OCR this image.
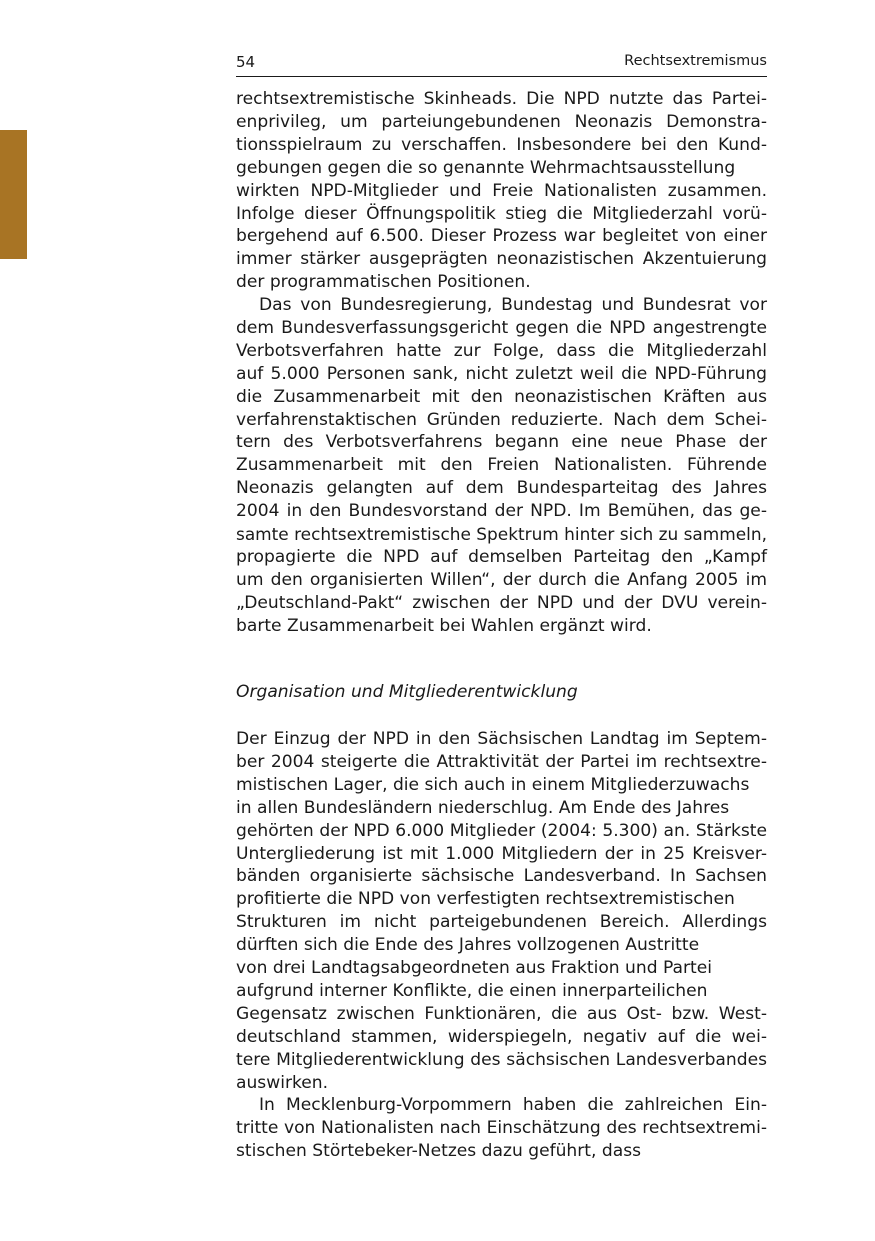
54	Rechtsextremismus
rechtsextremistische Skinheads. Die NPD nutzte das Partei-
enprivileg, um parteiungebundenen Neonazis Demonstra-
tionsspielraum zu verschaffen. Insbesondere bei den Kund-
gebungen gegen die so genannte Wehrmachtsausstellung
wirkten NPD-Mitglieder und Freie Nationalisten zusammen.
Infolge dieser Öffnungspolitik stieg die Mitgliederzahl vorü-
bergehend auf 6.500. Dieser Prozess war begleitet von einer
immer stärker ausgeprägten neonazistischen Akzentuierung
der programmatischen Positionen.
Das von Bundesregierung, Bundestag und Bundesrat vor
dem Bundesverfassungsgericht gegen die NPD angestrengte
Verbotsverfahren hatte zur Folge, dass die Mitgliederzahl
auf 5.000 Personen sank, nicht zuletzt weil die NPD-Führung
die Zusammenarbeit mit den neonazistischen Kräften aus
verfahrenstaktischen Gründen reduzierte. Nach dem Schei-
tern des Verbotsverfahrens begann eine neue Phase der
Zusammenarbeit mit den Freien Nationalisten. Führende
Neonazis gelangten auf dem Bundesparteitag des Jahres
2004 in den Bundesvorstand der NPD. Im Bemühen, das ge-
samte rechtsextremistische Spektrum hinter sich zu sammeln,
propagierte die NPD auf demselben Parteitag den „Kampf
um den organisierten Willen“, der durch die Anfang 2005 im
„Deutschland-Pakt“ zwischen der NPD und der DVU verein-
barte Zusammenarbeit bei Wahlen ergänzt wird.
Organisation und Mitgliederentwicklung
Der Einzug der NPD in den Sächsischen Landtag im Septem-
ber 2004 steigerte die Attraktivität der Partei im rechtsextre-
mistischen Lager, die sich auch in einem Mitgliederzuwachs
in allen Bundesländern niederschlug. Am Ende des Jahres
gehörten der NPD 6.000 Mitglieder (2004: 5.300) an. Stärkste
Untergliederung ist mit 1.000 Mitgliedern der in 25 Kreisver-
bänden organisierte sächsische Landesverband. In Sachsen
profitierte die NPD von verfestigten rechtsextremistischen
Strukturen im nicht parteigebundenen Bereich. Allerdings
dürften sich die Ende des Jahres vollzogenen Austritte
von drei Landtagsabgeordneten aus Fraktion und Partei
aufgrund interner Konflikte, die einen innerparteilichen
Gegensatz zwischen Funktionären, die aus Ost- bzw. West-
deutschland stammen, widerspiegeln, negativ auf die wei-
tere Mitgliederentwicklung des sächsischen Landesverbandes
auswirken.
In Mecklenburg-Vorpommern haben die zahlreichen Ein-
tritte von Nationalisten nach Einschätzung des rechtsextremi-
stischen Störtebeker-Netzes dazu geführt, dass
